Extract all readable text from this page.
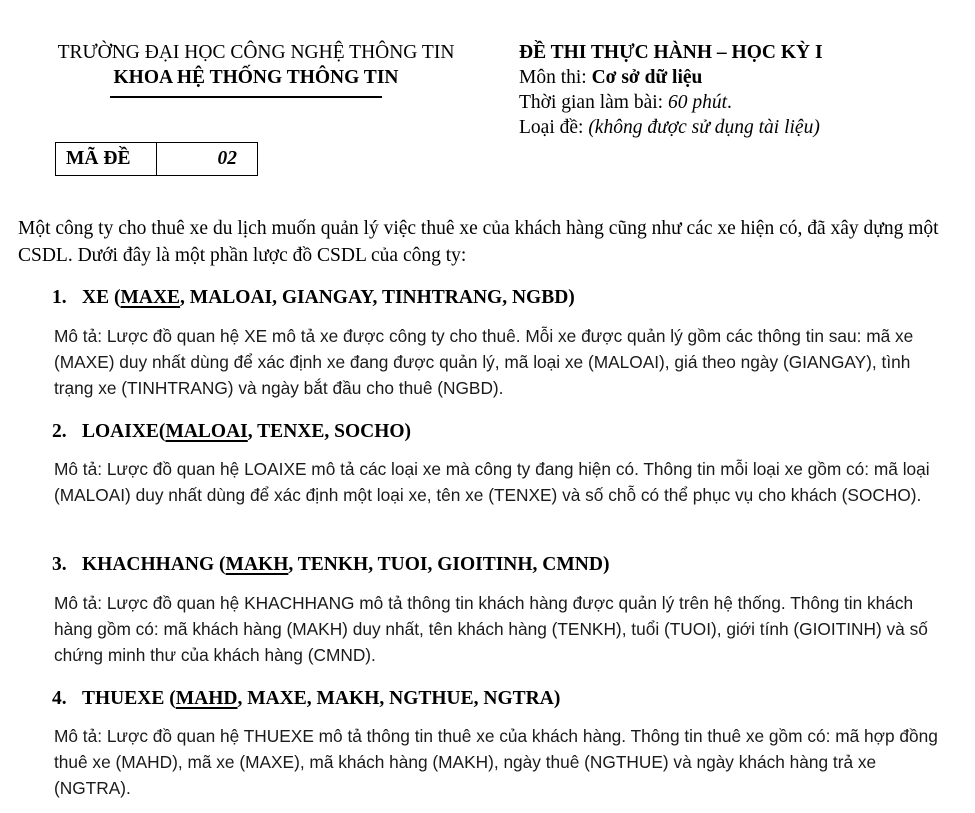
TRƯỜNG ĐẠI HỌC CÔNG NGHỆ THÔNG TIN
KHOA HỆ THỐNG THÔNG TIN
ĐỀ THI THỰC HÀNH – HỌC KỲ I
Môn thi: Cơ sở dữ liệu
Thời gian làm bài: 60 phút.
Loại đề: (không được sử dụng tài liệu)
MÃ ĐỀ	02
Một công ty cho thuê xe du lịch muốn quản lý việc thuê xe của khách hàng cũng như các xe hiện có, đã xây dựng một CSDL. Dưới đây là một phần lược đồ CSDL của công ty:
1. XE (MAXE, MALOAI, GIANGAY, TINHTRANG, NGBD)
Mô tả: Lược đồ quan hệ XE mô tả xe được công ty cho thuê. Mỗi xe được quản lý gồm các thông tin sau: mã xe (MAXE) duy nhất dùng để xác định xe đang được quản lý, mã loại xe (MALOAI), giá theo ngày (GIANGAY), tình trạng xe (TINHTRANG) và ngày bắt đầu cho thuê (NGBD).
2. LOAIXE(MALOAI, TENXE, SOCHO)
Mô tả: Lược đồ quan hệ LOAIXE mô tả các loại xe mà công ty đang hiện có. Thông tin mỗi loại xe gồm có: mã loại (MALOAI) duy nhất dùng để xác định một loại xe, tên xe (TENXE) và số chỗ có thể phục vụ cho khách (SOCHO).
3. KHACHHANG (MAKH, TENKH, TUOI, GIOITINH, CMND)
Mô tả: Lược đồ quan hệ KHACHHANG mô tả thông tin khách hàng được quản lý trên hệ thống. Thông tin khách hàng gồm có: mã khách hàng (MAKH) duy nhất, tên khách hàng (TENKH), tuổi (TUOI), giới tính (GIOITINH) và số chứng minh thư của khách hàng (CMND).
4. THUEXE (MAHD, MAXE, MAKH, NGTHUE, NGTRA)
Mô tả: Lược đồ quan hệ THUEXE mô tả thông tin thuê xe của khách hàng. Thông tin thuê xe gồm có: mã hợp đồng thuê xe (MAHD), mã xe (MAXE), mã khách hàng (MAKH), ngày thuê (NGTHUE) và ngày khách hàng trả xe (NGTRA).
